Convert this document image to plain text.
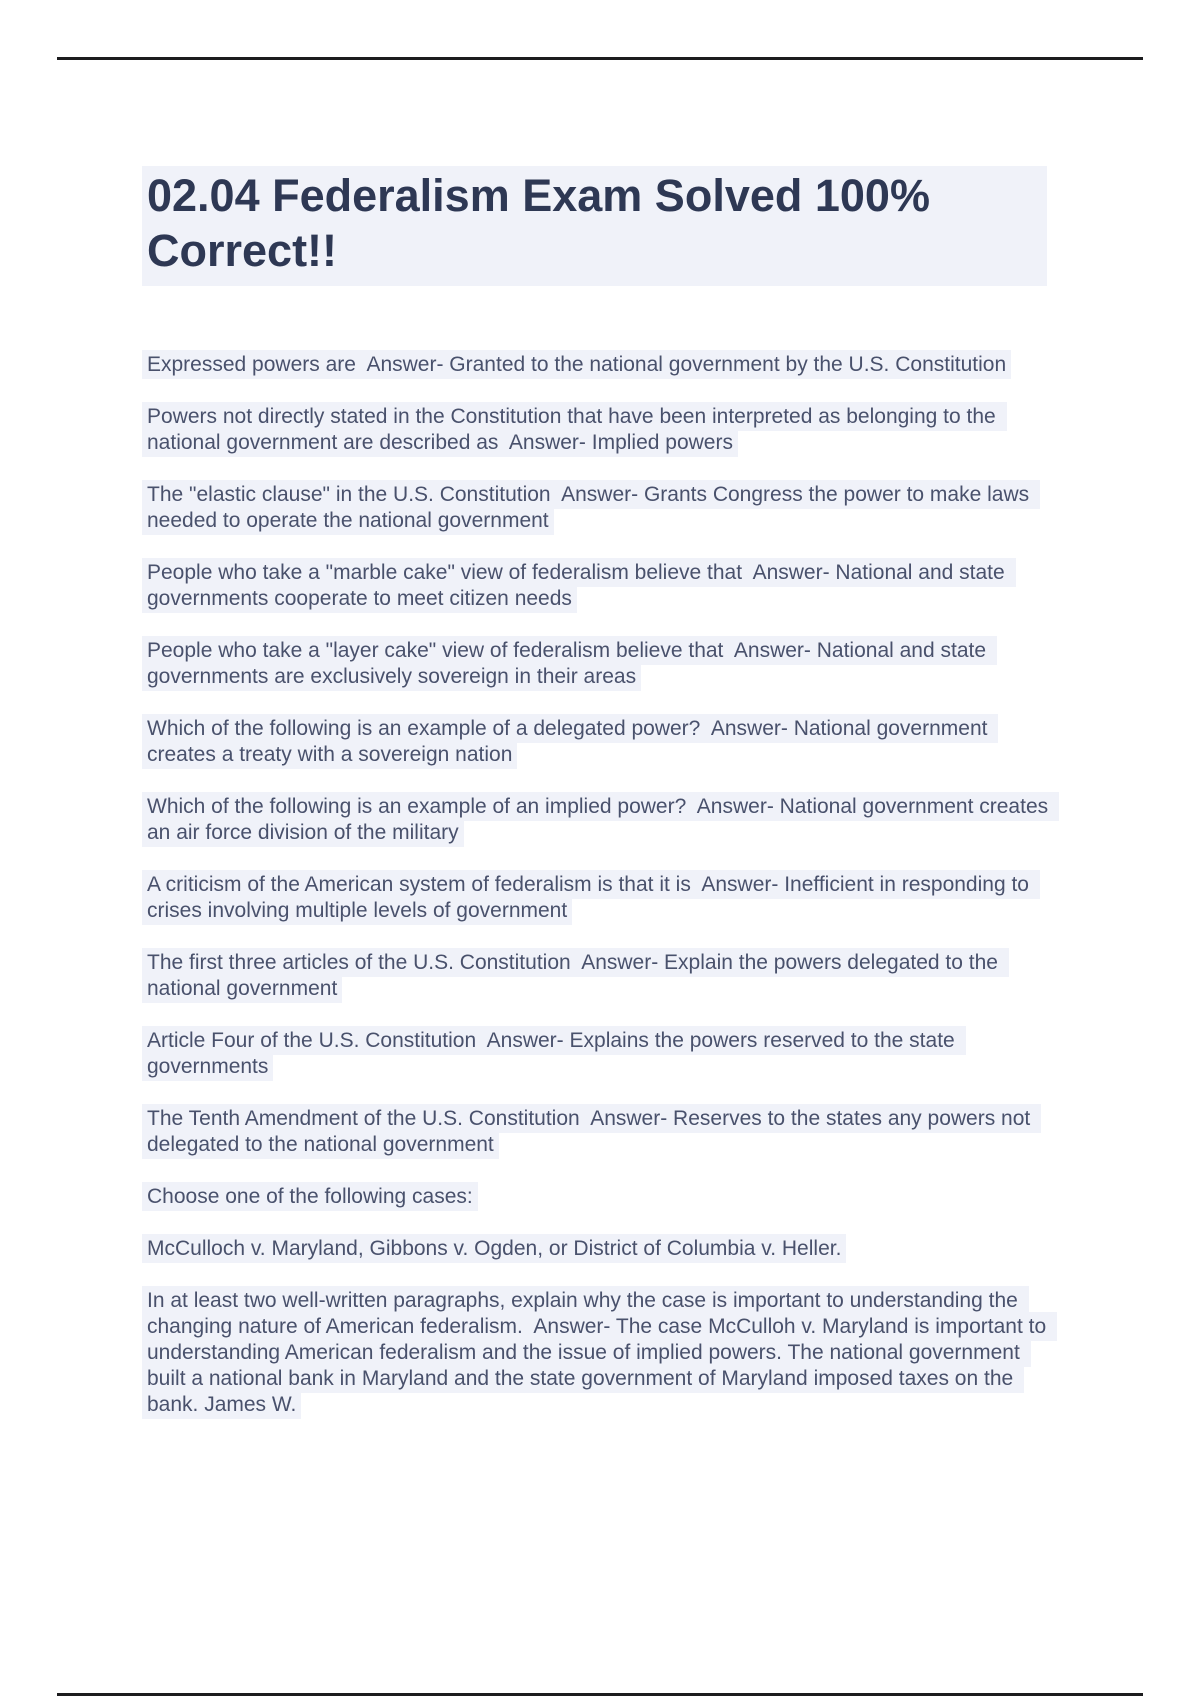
02.04 Federalism Exam Solved 100% Correct!!

Expressed powers are  Answer- Granted to the national government by the U.S. Constitution

Powers not directly stated in the Constitution that have been interpreted as belonging to the national government are described as  Answer- Implied powers

The "elastic clause" in the U.S. Constitution  Answer- Grants Congress the power to make laws needed to operate the national government

People who take a "marble cake" view of federalism believe that  Answer- National and state governments cooperate to meet citizen needs

People who take a "layer cake" view of federalism believe that  Answer- National and state governments are exclusively sovereign in their areas

Which of the following is an example of a delegated power?  Answer- National government creates a treaty with a sovereign nation

Which of the following is an example of an implied power?  Answer- National government creates an air force division of the military

A criticism of the American system of federalism is that it is  Answer- Inefficient in responding to crises involving multiple levels of government

The first three articles of the U.S. Constitution  Answer- Explain the powers delegated to the national government

Article Four of the U.S. Constitution  Answer- Explains the powers reserved to the state governments

The Tenth Amendment of the U.S. Constitution  Answer- Reserves to the states any powers not delegated to the national government

Choose one of the following cases:

McCulloch v. Maryland, Gibbons v. Ogden, or District of Columbia v. Heller.

In at least two well-written paragraphs, explain why the case is important to understanding the changing nature of American federalism.  Answer- The case McCulloh v. Maryland is important to understanding American federalism and the issue of implied powers. The national government built a national bank in Maryland and the state government of Maryland imposed taxes on the bank. James W.
